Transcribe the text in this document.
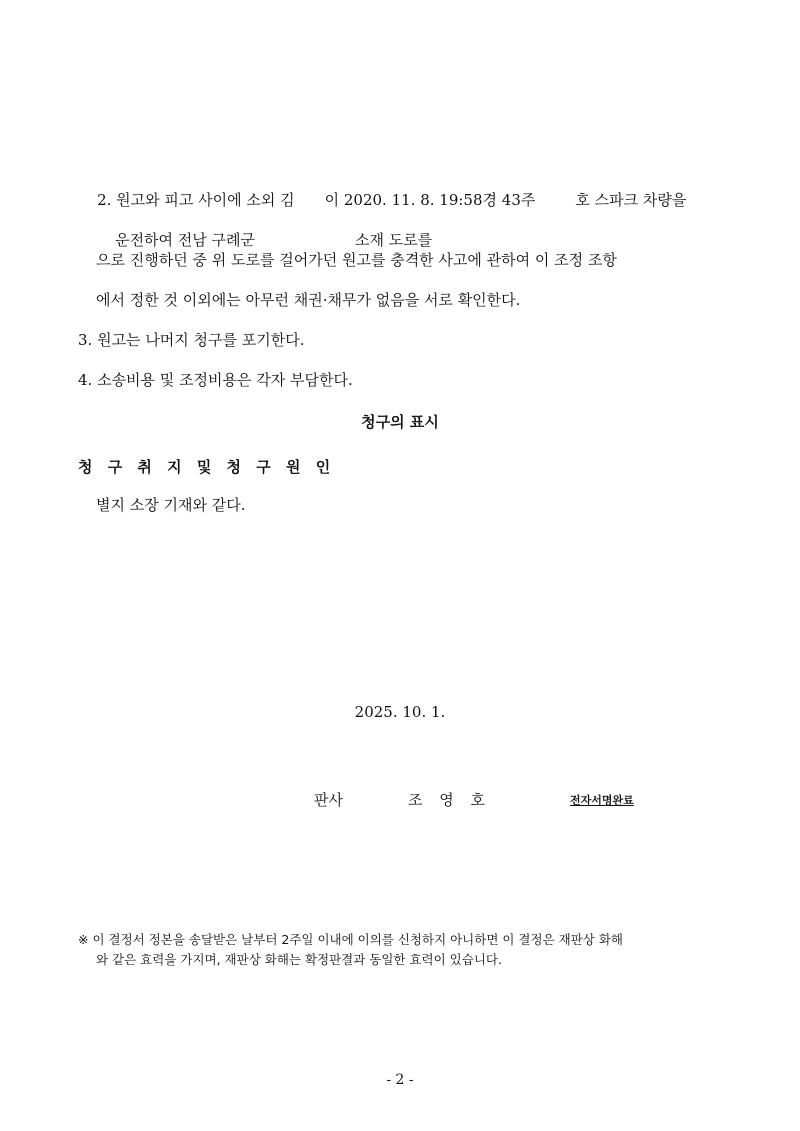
2. 원고와 피고 사이에 소외 김 이 2020. 11. 8. 19:58경 43주	호 스파크 차량을

운전하여 전남 구례군	소재 도로를

으로 진행하던 중 위 도로를 걸어가던 원고를 충격한 사고에 관하여 이 조정 조항
에서 정한 것 이외에는 아무런 채권·채무가 없음을 서로 확인한다.
3. 원고는 나머지 청구를 포기한다.
4. 소송비용 및 조정비용은 각자 부담한다.
청구의 표시
청 구 취 지 및 청 구 원 인
별지 소장 기재와 같다.
2025. 10. 1.
판사	조 영 호	전자서명완료
※ 이 결정서 정본을 송달받은 날부터 2주일 이내에 이의를 신청하지 아니하면 이 결정은 재판상 화해
와 같은 효력을 가지며, 재판상 화해는 확정판결과 동일한 효력이 있습니다.
- 2 -
